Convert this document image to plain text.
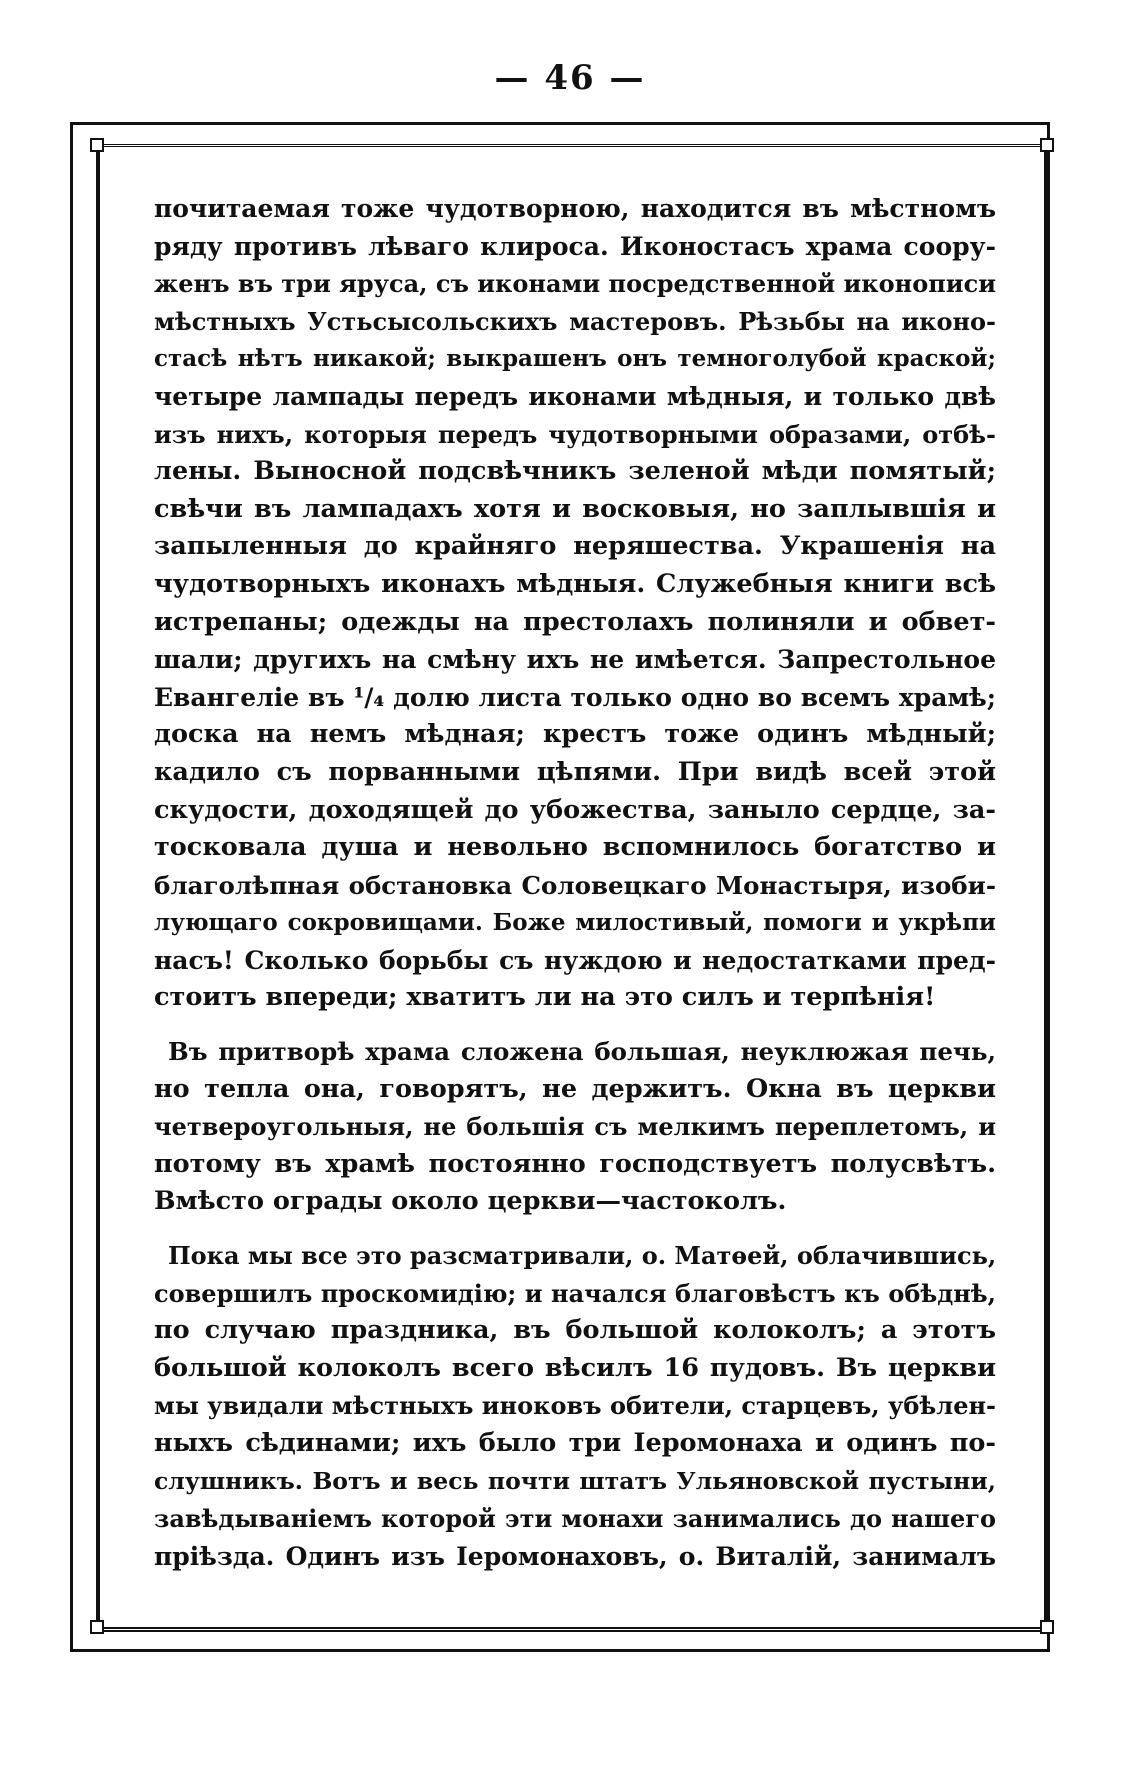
— 46 —
почитаемая тоже чудотворною, находится въ мѣстномъ
ряду противъ лѣваго клироса. Иконостасъ храма соору-
женъ въ три яруса, съ иконами посредственной иконописи
мѣстныхъ Устьсысольскихъ мастеровъ. Рѣзьбы на иконо-
стасѣ нѣтъ никакой; выкрашенъ онъ темноголубой краской;
четыре лампады передъ иконами мѣдныя, и только двѣ
изъ нихъ, которыя передъ чудотворными образами, отбѣ-
лены. Выносной подсвѣчникъ зеленой мѣди помятый;
свѣчи въ лампадахъ хотя и восковыя, но заплывшія и
запыленныя до крайняго неряшества. Украшенія на
чудотворныхъ иконахъ мѣдныя. Служебныя книги всѣ
истрепаны; одежды на престолахъ полиняли и обвет-
шали; другихъ на смѣну ихъ не имѣется. Запрестольное
Евангеліе въ ¹/₄ долю листа только одно во всемъ храмѣ;
доска на немъ мѣдная; крестъ тоже одинъ мѣдный;
кадило съ порванными цѣпями. При видѣ всей этой
скудости, доходящей до убожества, заныло сердце, за-
тосковала душа и невольно вспомнилось богатство и
благолѣпная обстановка Соловецкаго Монастыря, изоби-
лующаго сокровищами. Боже милостивый, помоги и укрѣпи
насъ! Сколько борьбы съ нуждою и недостатками пред-
стоитъ впереди; хватитъ ли на это силъ и терпѣнія!
Въ притворѣ храма сложена большая, неуклюжая печь,
но тепла она, говорятъ, не держитъ. Окна въ церкви
четвероугольныя, не большія съ мелкимъ переплетомъ, и
потому въ храмѣ постоянно господствуетъ полусвѣтъ.
Вмѣсто ограды около церкви—частоколъ.
Пока мы все это разсматривали, о. Матѳей, облачившись,
совершилъ проскомидію; и начался благовѣстъ къ обѣднѣ,
по случаю праздника, въ большой колоколъ; а этотъ
большой колоколъ всего вѣсилъ 16 пудовъ. Въ церкви
мы увидали мѣстныхъ иноковъ обители, старцевъ, убѣлен-
ныхъ сѣдинами; ихъ было три Іеромонаха и одинъ по-
слушникъ. Вотъ и весь почти штатъ Ульяновской пустыни,
завѣдываніемъ которой эти монахи занимались до нашего
пріѣзда. Одинъ изъ Іеромонаховъ, о. Виталій, занималъ
